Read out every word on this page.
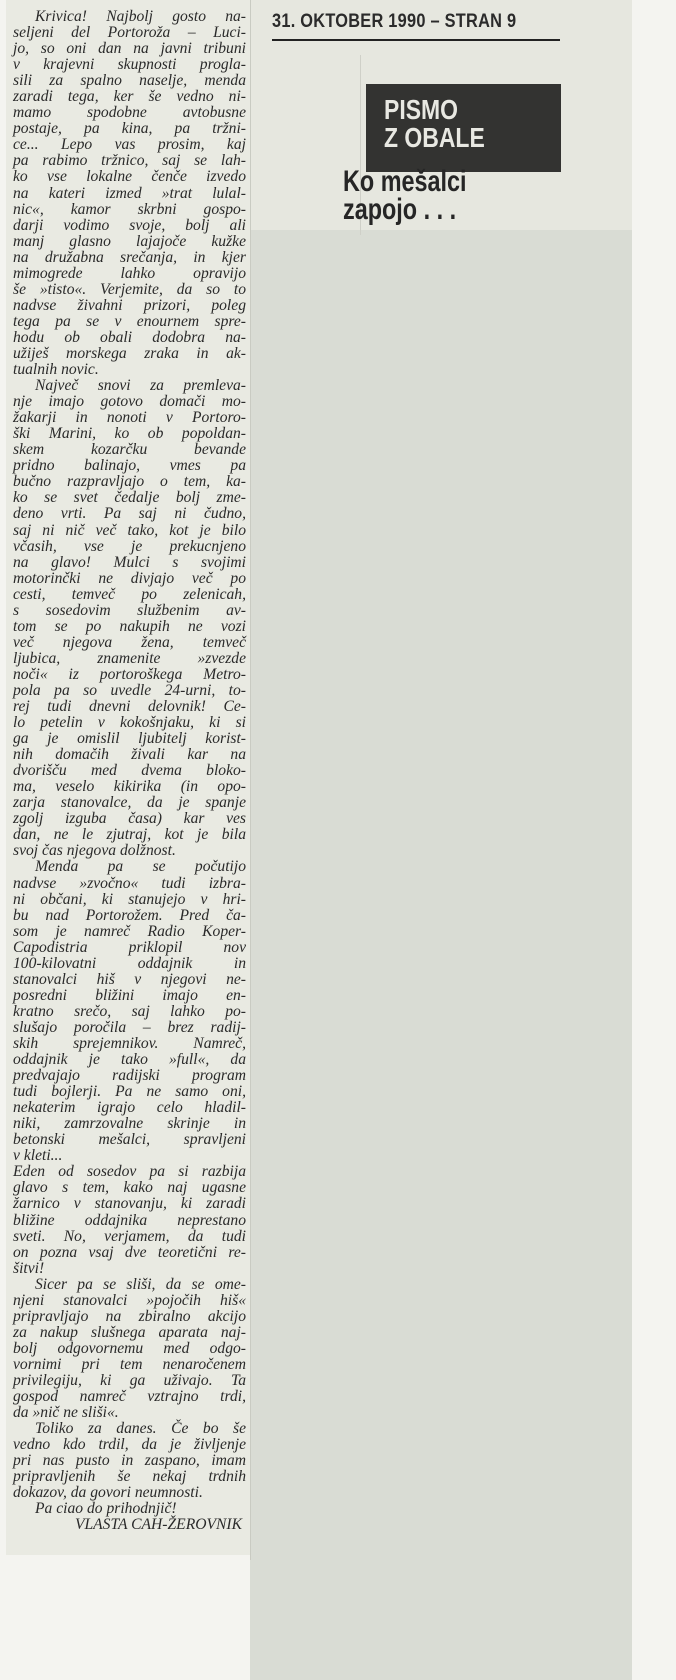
31. OKTOBER 1990 – STRAN 9
PISMO
Z OBALE
Ko mešalci
zapojo . . .
Krivica! Najbolj gosto na-
seljeni del Portoroža – Luci-
jo, so oni dan na javni tribuni
v krajevni skupnosti progla-
sili za spalno naselje, menda
zaradi tega, ker še vedno ni-
mamo spodobne avtobusne
postaje, pa kina, pa tržni-
ce... Lepo vas prosim, kaj
pa rabimo tržnico, saj se lah-
ko vse lokalne čenče izvedo
na kateri izmed »trat lulal-
nic«, kamor skrbni gospo-
darji vodimo svoje, bolj ali
manj glasno lajajoče kužke
na družabna srečanja, in kjer
mimogrede lahko opravijo
še »tisto«. Verjemite, da so to
nadvse živahni prizori, poleg
tega pa se v enournem spre-
hodu ob obali dodobra na-
užiješ morskega zraka in ak-
tualnih novic.
Največ snovi za premleva-
nje imajo gotovo domači mo-
žakarji in nonoti v Portoro-
ški Marini, ko ob popoldan-
skem kozarčku bevande
pridno balinajo, vmes pa
bučno razpravljajo o tem, ka-
ko se svet čedalje bolj zme-
deno vrti. Pa saj ni čudno,
saj ni nič več tako, kot je bilo
včasih, vse je prekucnjeno
na glavo! Mulci s svojimi
motorinčki ne divjajo več po
cesti, temveč po zelenicah,
s sosedovim službenim av-
tom se po nakupih ne vozi
več njegova žena, temveč
ljubica, znamenite »zvezde
noči« iz portoroškega Metro-
pola pa so uvedle 24-urni, to-
rej tudi dnevni delovnik! Ce-
lo petelin v kokošnjaku, ki si
ga je omislil ljubitelj korist-
nih domačih živali kar na
dvorišču med dvema bloko-
ma, veselo kikirika (in opo-
zarja stanovalce, da je spanje
zgolj izguba časa) kar ves
dan, ne le zjutraj, kot je bila
svoj čas njegova dolžnost.
Menda pa se počutijo
nadvse »zvočno« tudi izbra-
ni občani, ki stanujejo v hri-
bu nad Portorožem. Pred ča-
som je namreč Radio Koper-
Capodistria priklopil nov
100-kilovatni oddajnik in
stanovalci hiš v njegovi ne-
posredni bližini imajo en-
kratno srečo, saj lahko po-
slušajo poročila – brez radij-
skih sprejemnikov. Namreč,
oddajnik je tako »full«, da
predvajajo radijski program
tudi bojlerji. Pa ne samo oni,
nekaterim igrajo celo hladil-
niki, zamrzovalne skrinje in
betonski mešalci, spravljeni
v kleti...
Eden od sosedov pa si razbija
glavo s tem, kako naj ugasne
žarnico v stanovanju, ki zaradi
bližine oddajnika neprestano
sveti. No, verjamem, da tudi
on pozna vsaj dve teoretični re-
šitvi!
Sicer pa se sliši, da se ome-
njeni stanovalci »pojočih hiš«
pripravljajo na zbiralno akcijo
za nakup slušnega aparata naj-
bolj odgovornemu med odgo-
vornimi pri tem nenaročenem
privilegiju, ki ga uživajo. Ta
gospod namreč vztrajno trdi,
da »nič ne sliši«.
Toliko za danes. Če bo še
vedno kdo trdil, da je življenje
pri nas pusto in zaspano, imam
pripravljenih še nekaj trdnih
dokazov, da govori neumnosti.
Pa ciao do prihodnjič!
VLASTA CAH-ŽEROVNIK
